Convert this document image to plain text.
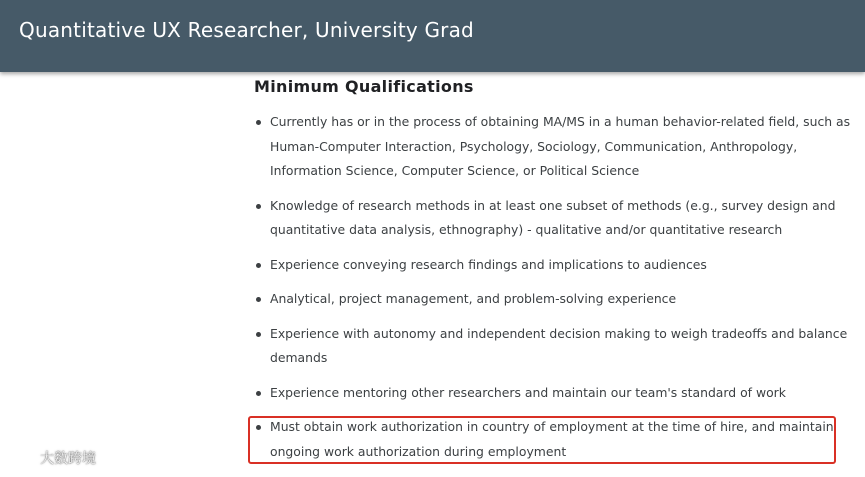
Quantitative UX Researcher, University Grad
Minimum Qualifications
Currently has or in the process of obtaining MA/MS in a human behavior-related field, such as
Human-Computer Interaction, Psychology, Sociology, Communication, Anthropology,
Information Science, Computer Science, or Political Science
Knowledge of research methods in at least one subset of methods (e.g., survey design and
quantitative data analysis, ethnography) - qualitative and/or quantitative research
Experience conveying research findings and implications to audiences
Analytical, project management, and problem-solving experience
Experience with autonomy and independent decision making to weigh tradeoffs and balance
demands
Experience mentoring other researchers and maintain our team's standard of work
Must obtain work authorization in country of employment at the time of hire, and maintain
ongoing work authorization during employment
大数跨境
